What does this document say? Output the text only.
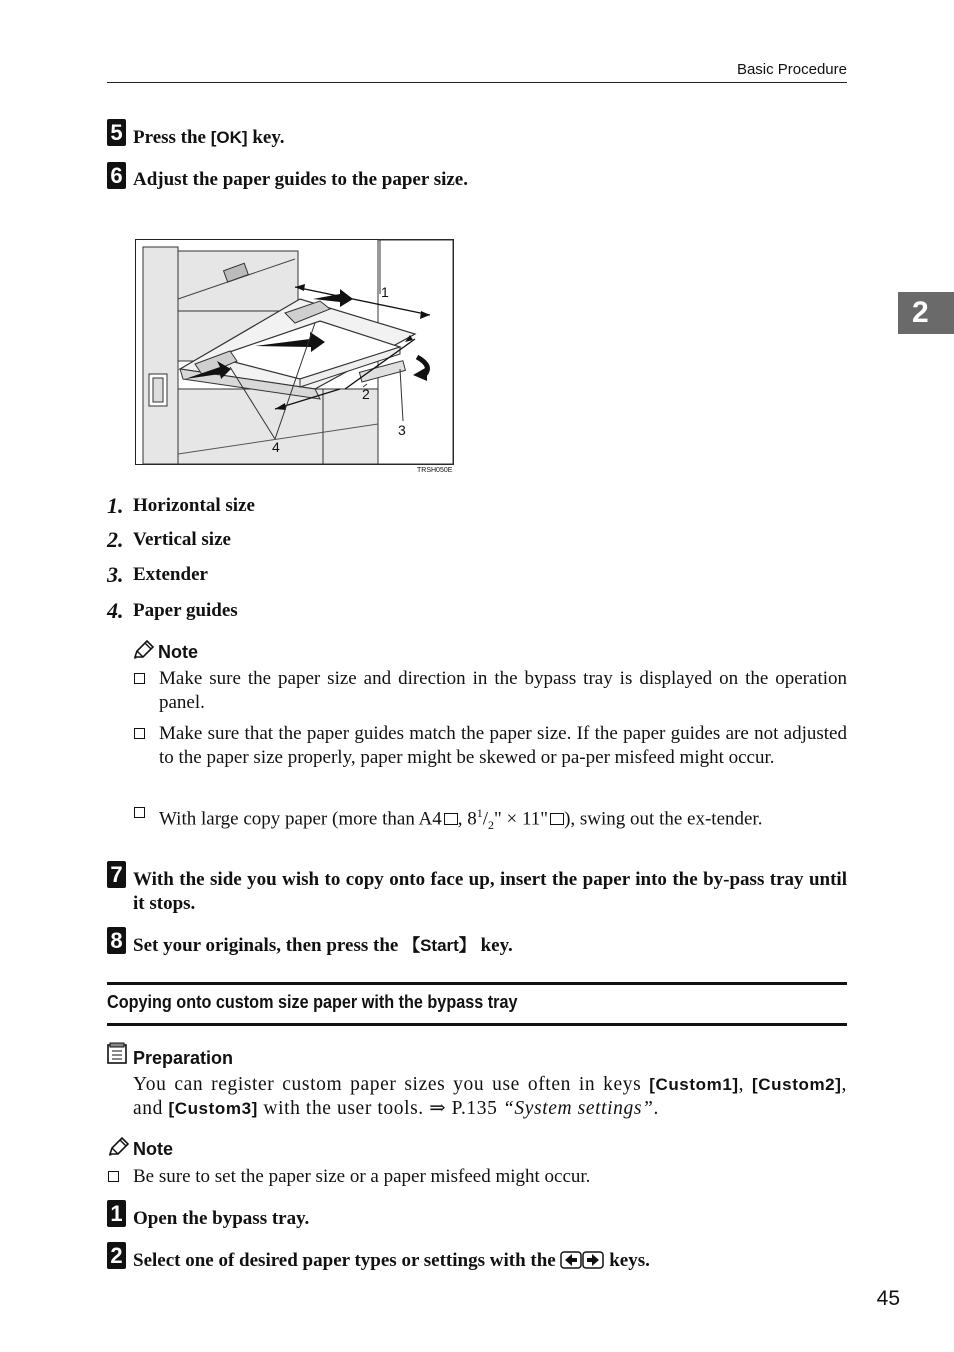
Basic Procedure
2
5 Press the [OK] key.
6 Adjust the paper guides to the paper size.
1
2
3
4
TRSH050E
1. Horizontal size
2. Vertical size
3. Extender
4. Paper guides
Note
Make sure the paper size and direction in the bypass tray is displayed on the operation panel.
Make sure that the paper guides match the paper size. If the paper guides are not adjusted to the paper size properly, paper might be skewed or pa-per misfeed might occur.
With large copy paper (more than A4 , $8^1/_2$" × 11" ), swing out the ex-tender.
7 With the side you wish to copy onto face up, insert the paper into the by-pass tray until it stops.
8 Set your originals, then press the 【Start】 key.
Copying onto custom size paper with the bypass tray
Preparation
You can register custom paper sizes you use often in keys [Custom1], [Custom2], and [Custom3] with the user tools. ⇒ P.135 “System settings”.
Note
Be sure to set the paper size or a paper misfeed might occur.
1 Open the bypass tray.
2 Select one of desired paper types or settings with the  keys.
45
